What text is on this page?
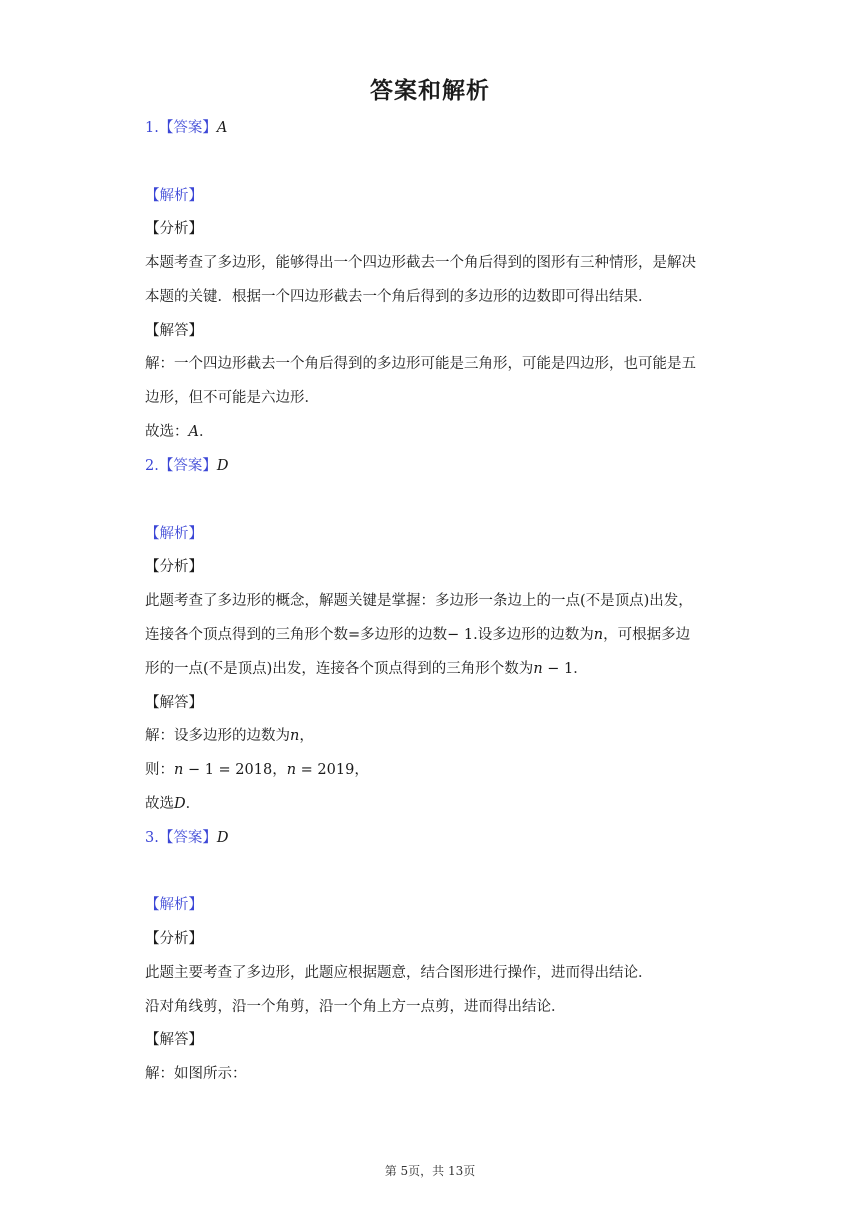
答案和解析
1.【答案】A
【解析】
【分析】
本题考查了多边形，能够得出一个四边形截去一个角后得到的图形有三种情形，是解决
本题的关键．根据一个四边形截去一个角后得到的多边形的边数即可得出结果．
【解答】
解：一个四边形截去一个角后得到的多边形可能是三角形，可能是四边形，也可能是五
边形，但不可能是六边形．
故选：A．
2.【答案】D
【解析】
【分析】
此题考查了多边形的概念，解题关键是掌握：多边形一条边上的一点(不是顶点)出发，
连接各个顶点得到的三角形个数=多边形的边数− 1.设多边形的边数为n，可根据多边
形的一点(不是顶点)出发，连接各个顶点得到的三角形个数为n − 1．
【解答】
解：设多边形的边数为n，
则：n − 1 = 2018，n = 2019，
故选D．
3.【答案】D
【解析】
【分析】
此题主要考查了多边形，此题应根据题意，结合图形进行操作，进而得出结论．
沿对角线剪，沿一个角剪，沿一个角上方一点剪，进而得出结论．
【解答】
解：如图所示：
第 5页，共 13页
